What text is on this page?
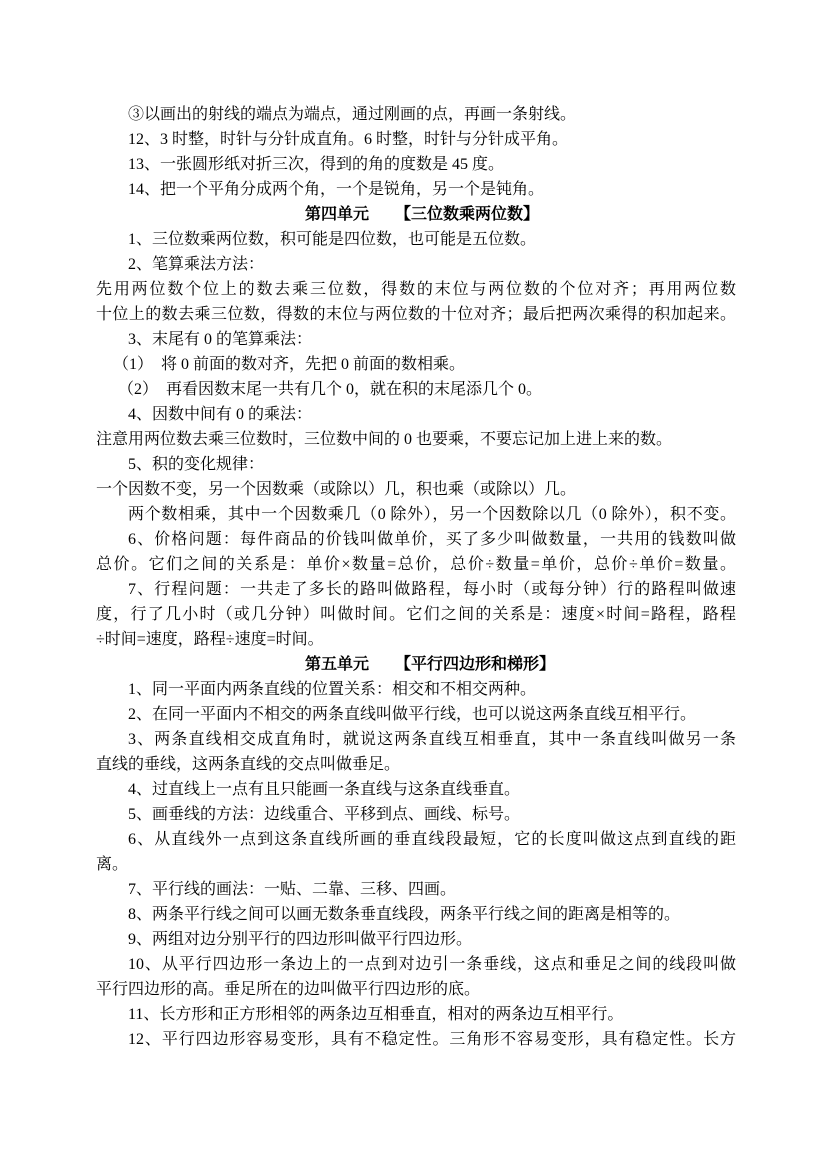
③以画出的射线的端点为端点，通过刚画的点，再画一条射线。
12、3 时整，时针与分针成直角。6 时整，时针与分针成平角。
13、一张圆形纸对折三次，得到的角的度数是 45 度。
14、把一个平角分成两个角，一个是锐角，另一个是钝角。
第四单元 【三位数乘两位数】
1、三位数乘两位数，积可能是四位数，也可能是五位数。
2、笔算乘法方法：
先用两位数个位上的数去乘三位数，得数的末位与两位数的个位对齐；再用两位数
十位上的数去乘三位数，得数的末位与两位数的十位对齐；最后把两次乘得的积加起来。
3、末尾有 0 的笔算乘法：
（1）　将 0 前面的数对齐，先把 0 前面的数相乘。
（2）　再看因数末尾一共有几个 0，就在积的末尾添几个 0。
4、因数中间有 0 的乘法：
注意用两位数去乘三位数时，三位数中间的 0 也要乘，不要忘记加上进上来的数。
5、积的变化规律：
一个因数不变，另一个因数乘（或除以）几，积也乘（或除以）几。
两个数相乘，其中一个因数乘几（0 除外），另一个因数除以几（0 除外），积不变。
6、价格问题：每件商品的价钱叫做单价，买了多少叫做数量，一共用的钱数叫做
总价。它们之间的关系是：单价×数量=总价，总价÷数量=单价，总价÷单价=数量。
7、行程问题：一共走了多长的路叫做路程，每小时（或每分钟）行的路程叫做速
度，行了几小时（或几分钟）叫做时间。它们之间的关系是：速度×时间=路程，路程
÷时间=速度，路程÷速度=时间。
第五单元 【平行四边形和梯形】
1、同一平面内两条直线的位置关系：相交和不相交两种。
2、在同一平面内不相交的两条直线叫做平行线，也可以说这两条直线互相平行。
3、两条直线相交成直角时，就说这两条直线互相垂直，其中一条直线叫做另一条
直线的垂线，这两条直线的交点叫做垂足。
4、过直线上一点有且只能画一条直线与这条直线垂直。
5、画垂线的方法：边线重合、平移到点、画线、标号。
6、从直线外一点到这条直线所画的垂直线段最短，它的长度叫做这点到直线的距
离。
7、平行线的画法：一贴、二靠、三移、四画。
8、两条平行线之间可以画无数条垂直线段，两条平行线之间的距离是相等的。
9、两组对边分别平行的四边形叫做平行四边形。
10、从平行四边形一条边上的一点到对边引一条垂线，这点和垂足之间的线段叫做
平行四边形的高。垂足所在的边叫做平行四边形的底。
11、长方形和正方形相邻的两条边互相垂直，相对的两条边互相平行。
12、平行四边形容易变形，具有不稳定性。三角形不容易变形，具有稳定性。长方
